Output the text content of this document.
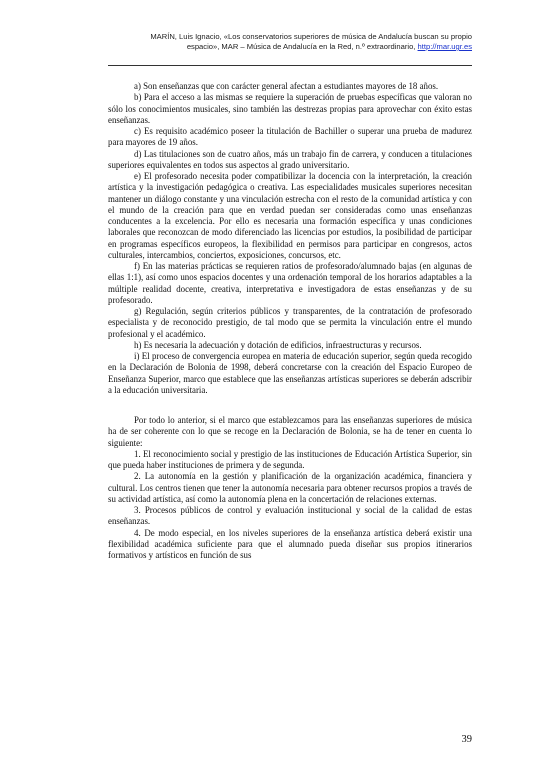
MARÍN, Luis Ignacio, «Los conservatorios superiores de música de Andalucía buscan su propio
espacio», MAR – Música de Andalucía en la Red, n.º extraordinario, http://mar.ugr.es

a) Son enseñanzas que con carácter general afectan a estudiantes mayores de 18 años.

b) Para el acceso a las mismas se requiere la superación de pruebas específicas que valoran no sólo los conocimientos musicales, sino también las destrezas propias para aprovechar con éxito estas enseñanzas.

c) Es requisito académico poseer la titulación de Bachiller o superar una prueba de madurez para mayores de 19 años.

d) Las titulaciones son de cuatro años, más un trabajo fin de carrera, y conducen a titulaciones superiores equivalentes en todos sus aspectos al grado universitario.

e) El profesorado necesita poder compatibilizar la docencia con la interpretación, la creación artística y la investigación pedagógica o creativa. Las especialidades musicales superiores necesitan mantener un diálogo constante y una vinculación estrecha con el resto de la comunidad artística y con el mundo de la creación para que en verdad puedan ser consideradas como unas enseñanzas conducentes a la excelencia. Por ello es necesaria una formación específica y unas condiciones laborales que reconozcan de modo diferenciado las licencias por estudios, la posibilidad de participar en programas específicos europeos, la flexibilidad en permisos para participar en congresos, actos culturales, intercambios, conciertos, exposiciones, concursos, etc.

f) En las materias prácticas se requieren ratios de profesorado/alumnado bajas (en algunas de ellas 1:1), así como unos espacios docentes y una ordenación temporal de los horarios adaptables a la múltiple realidad docente, creativa, interpretativa e investigadora de estas enseñanzas y de su profesorado.

g) Regulación, según criterios públicos y transparentes, de la contratación de profesorado especialista y de reconocido prestigio, de tal modo que se permita la vinculación entre el mundo profesional y el académico.

h) Es necesaria la adecuación y dotación de edificios, infraestructuras y recursos.

i) El proceso de convergencia europea en materia de educación superior, según queda recogido en la Declaración de Bolonia de 1998, deberá concretarse con la creación del Espacio Europeo de Enseñanza Superior, marco que establece que las enseñanzas artísticas superiores se deberán adscribir a la educación universitaria.

Por todo lo anterior, si el marco que establezcamos para las enseñanzas superiores de música ha de ser coherente con lo que se recoge en la Declaración de Bolonia, se ha de tener en cuenta lo siguiente:

1. El reconocimiento social y prestigio de las instituciones de Educación Artística Superior, sin que pueda haber instituciones de primera y de segunda.

2. La autonomía en la gestión y planificación de la organización académica, financiera y cultural. Los centros tienen que tener la autonomía necesaria para obtener recursos propios a través de su actividad artística, así como la autonomía plena en la concertación de relaciones externas.

3. Procesos públicos de control y evaluación institucional y social de la calidad de estas enseñanzas.

4. De modo especial, en los niveles superiores de la enseñanza artística deberá existir una flexibilidad académica suficiente para que el alumnado pueda diseñar sus propios itinerarios formativos y artísticos en función de sus

39
